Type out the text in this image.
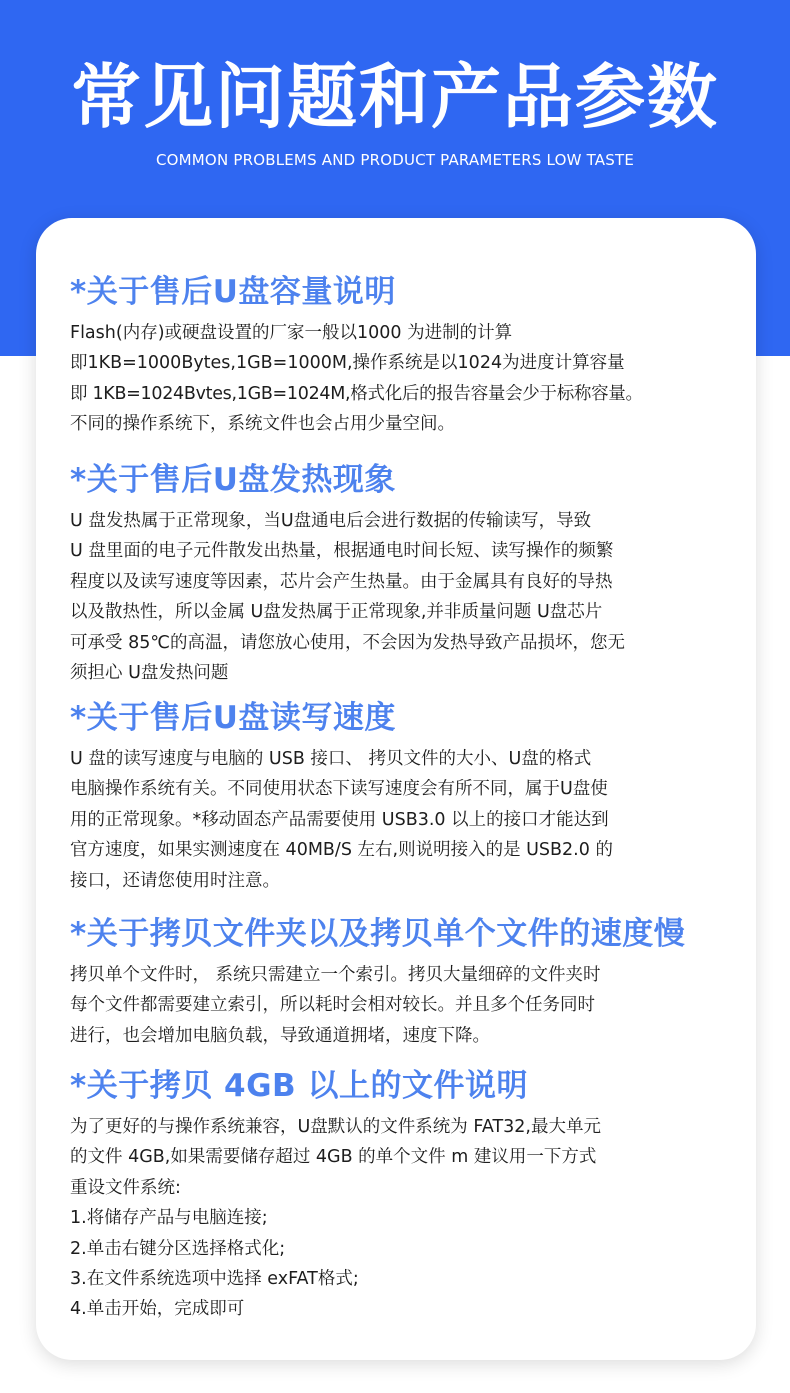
常见问题和产品参数

COMMON PROBLEMS AND PRODUCT PARAMETERS LOW TASTE

*关于售后U盘容量说明
Flash(内存)或硬盘设置的厂家一般以1000 为进制的计算
即1KB=1000Bytes,1GB=1000M,操作系统是以1024为进度计算容量
即 1KB=1024Bvtes,1GB=1024M,格式化后的报告容量会少于标称容量。
不同的操作系统下，系统文件也会占用少量空间。
*关于售后U盘发热现象
U 盘发热属于正常现象，当U盘通电后会进行数据的传输读写，导致
U 盘里面的电子元件散发出热量，根据通电时间长短、读写操作的频繁
程度以及读写速度等因素，芯片会产生热量。由于金属具有良好的导热
以及散热性，所以金属 U盘发热属于正常现象,并非质量问题 U盘芯片
可承受 85℃的高温，请您放心使用，不会因为发热导致产品损坏，您无
须担心 U盘发热问题
*关于售后U盘读写速度
U 盘的读写速度与电脑的 USB 接口、 拷贝文件的大小、U盘的格式
电脑操作系统有关。不同使用状态下读写速度会有所不同，属于U盘使
用的正常现象。*移动固态产品需要使用 USB3.0 以上的接口才能达到
官方速度，如果实测速度在 40MB/S 左右,则说明接入的是 USB2.0 的
接口，还请您使用时注意。
*关于拷贝文件夹以及拷贝单个文件的速度慢
拷贝单个文件时， 系统只需建立一个索引。拷贝大量细碎的文件夹时
每个文件都需要建立索引，所以耗时会相对较长。并且多个任务同时
进行，也会增加电脑负载，导致通道拥堵，速度下降。
*关于拷贝 4GB 以上的文件说明
为了更好的与操作系统兼容，U盘默认的文件系统为 FAT32,最大单元
的文件 4GB,如果需要储存超过 4GB 的单个文件 m 建议用一下方式
重设文件系统:
1.将储存产品与电脑连接;
2.单击右键分区选择格式化;
3.在文件系统选项中选择 exFAT格式;
4.单击开始，完成即可
